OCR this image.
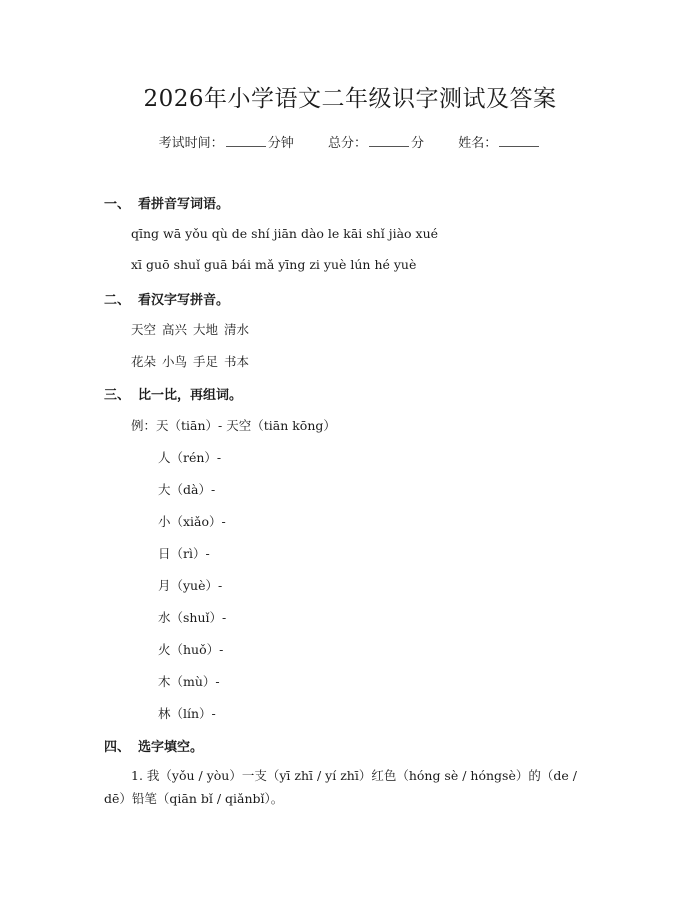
2026年小学语文二年级识字测试及答案
考试时间：	分钟	总分：	分	姓名：
一、 看拼音写词语。
qīng wā yǒu qù de shí jiān dào le kāi shǐ jiào xué
xī guō shuǐ guā bái mǎ yīng zi yuè lún hé yuè
二、 看汉字写拼音。
天空 高兴 大地 清水
花朵 小鸟 手足 书本
三、 比一比，再组词。
例：天（tiān）- 天空（tiān kōng）
人（rén）-
大（dà）-
小（xiǎo）-
日（rì）-
月（yuè）-
水（shuǐ）-
火（huǒ）-
木（mù）-
林（lín）-
四、 选字填空。
1. 我（yǒu / yòu）一支（yī zhī / yí zhī）红色（hóng sè / hóngsè）的（de / dē）铅笔（qiān bǐ / qiǎnbǐ）。
